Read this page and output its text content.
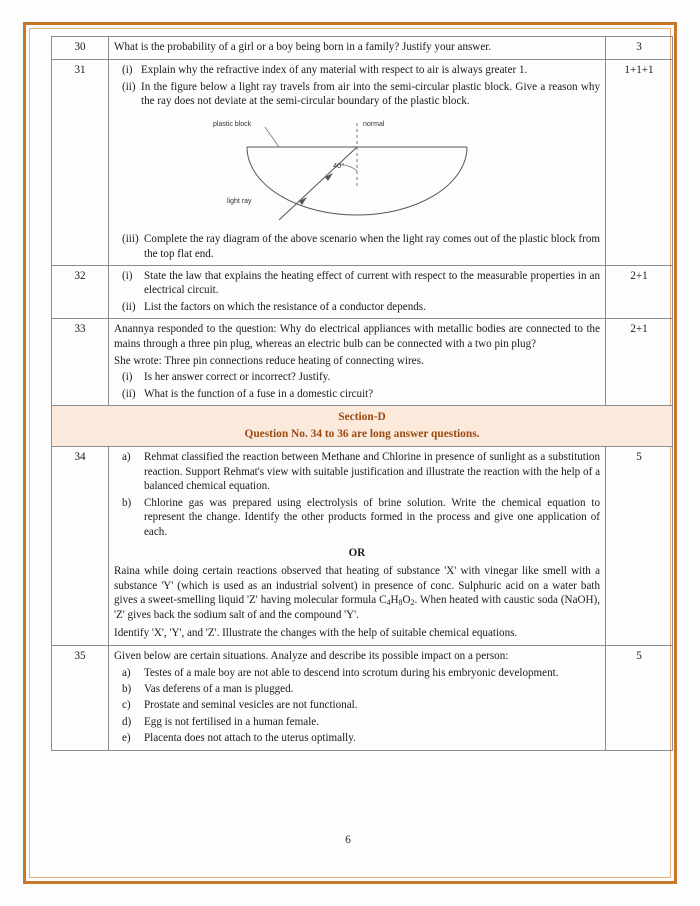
30	What is the probability of a girl or a boy being born in a family? Justify your answer.	3
31	(i) Explain why the refractive index of any material with respect to air is always greater 1.
(ii) In the figure below a light ray travels from air into the semi-circular plastic block. Give a reason why the ray does not deviate at the semi-circular boundary of the plastic block.
40°
plastic block	normal
light ray
(iii) Complete the ray diagram of the above scenario when the light ray comes out of the plastic block from the top flat end.
	1+1+1
32	(i) State the law that explains the heating effect of current with respect to the measurable properties in an electrical circuit.
(ii) List the factors on which the resistance of a conductor depends.	2+1
33	Anannya responded to the question: Why do electrical appliances with metallic bodies are connected to the mains through a three pin plug, whereas an electric bulb can be connected with a two pin plug?
She wrote: Three pin connections reduce heating of connecting wires.
(i)	Is her answer correct or incorrect? Justify.
(ii) What is the function of a fuse in a domestic circuit?
	2+1

Section-D
Question No. 34 to 36 are long answer questions.		

34	a)	Rehmat classified the reaction between Methane and Chlorine in presence of sunlight as a substitution reaction. Support Rehmat's view with suitable justification and illustrate the reaction with the help of a balanced chemical equation.
b)	Chlorine gas was prepared using electrolysis of brine solution. Write the chemical equation to represent the change. Identify the other products formed in the process and give one application of each.
OR
Raina while doing certain reactions observed that heating of substance 'X' with vinegar like smell with a substance 'Y' (which is used as an industrial solvent) in presence of conc. Sulphuric acid on a water bath gives a sweet-smelling liquid 'Z' having molecular formula $C_4H_8O_2$. When heated with caustic soda (NaOH), 'Z' gives back the sodium salt of and the compound 'Y'.
Identify 'X', 'Y', and 'Z'. Illustrate the changes with the help of suitable chemical equations.
	5
35	Given below are certain situations. Analyze and describe its possible impact on a person:
a)	Testes of a male boy are not able to descend into scrotum during his embryonic development.
b)	Vas deferens of a man is plugged.
c)	Prostate and seminal vesicles are not functional.
d)	Egg is not fertilised in a human female.
e)	Placenta does not attach to the uterus optimally.
	5
6
